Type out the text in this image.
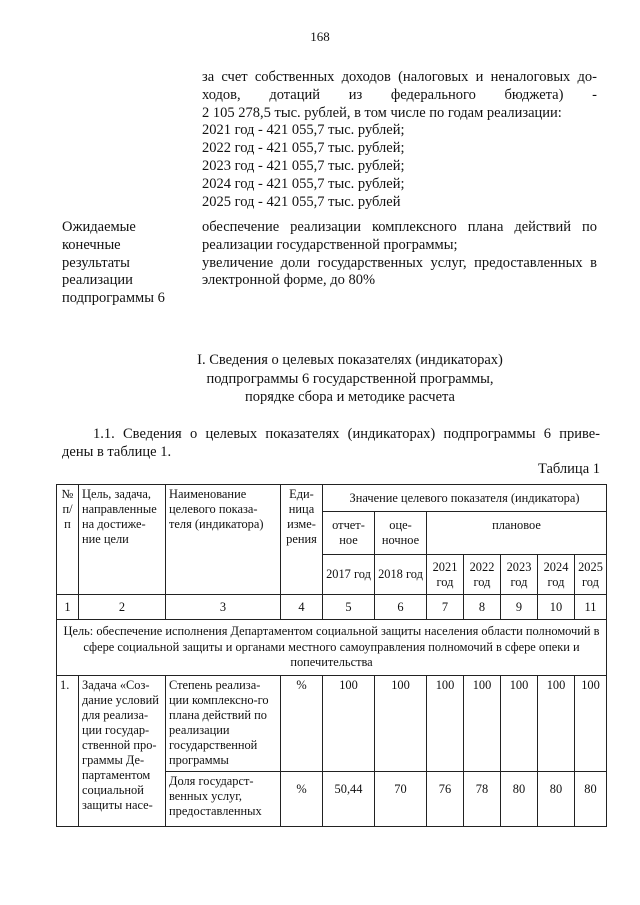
168
за счет собственных доходов (налоговых и неналоговых до-
ходов, дотаций из федерального бюджета) -
2 105 278,5 тыс. рублей, в том числе по годам реализации:
2021 год - 421 055,7 тыс. рублей;
2022 год - 421 055,7 тыс. рублей;
2023 год - 421 055,7 тыс. рублей;
2024 год - 421 055,7 тыс. рублей;
2025 год - 421 055,7 тыс. рублей
Ожидаемые
конечные
результаты
реализации
подпрограммы 6
обеспечение реализации комплексного плана действий по реализации государственной программы;
увеличение доли государственных услуг, предоставленных в электронной форме, до 80%
I. Сведения о целевых показателях (индикаторах)
подпрограммы 6 государственной программы,
порядке сбора и методике расчета
1.1. Сведения о целевых показателях (индикаторах) подпрограммы 6 приве-
дены в таблице 1.
Таблица 1
№ п/п	Цель, задача, направленные на достиже-ние цели	Наименование целевого показа-теля (индикатора)	Еди-ница изме-рения	Значение целевого показателя (индикатора)						
				отчет-ное	оце-ночное	плановое				
				2017 год	2018 год	2021 год	2022 год	2023 год	2024 год	2025 год
1	2	3	4	5	6	7	8	9	10	11
Цель: обеспечение исполнения Департаментом социальной защиты населения области полномочий в сфере социальной защиты и органами местного самоуправления полномочий в сфере опеки и попечительства										
1.	Задача «Соз-дание условий для реализа-ции государ-ственной про-граммы Де-партаментом социальной защиты насе-	Степень реализа-ции комплексно-го плана действий по реализации государственной программы	%	100	100	100	100	100	100	100
		Доля государст-венных услуг, предоставленных	%	50,44	70	76	78	80	80	80
